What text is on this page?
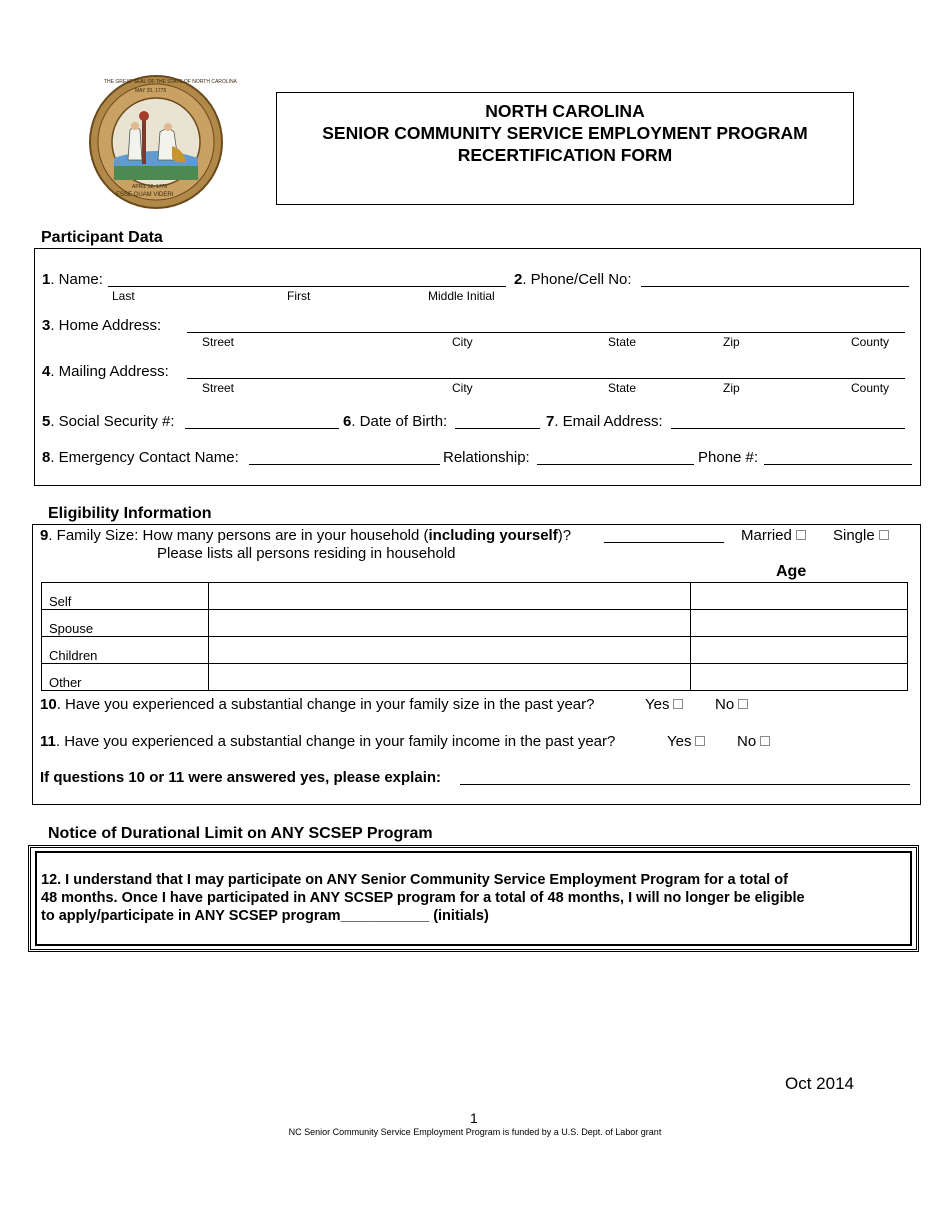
ESSE QUAM VIDERI
THE GREAT SEAL OF THE STATE OF NORTH CAROLINA
MAY 20, 1775
APRIL 12, 1776
NORTH CAROLINA
SENIOR COMMUNITY SERVICE EMPLOYMENT PROGRAM
RECERTIFICATION FORM
Participant Data
1. Name:
Last	First	Middle Initial
2. Phone/Cell No:
3. Home Address:
Street	City	State	Zip	County
4. Mailing Address:
Street	City	State	Zip	County
5. Social Security #:	6. Date of Birth:	7. Email Address:
8. Emergency Contact Name:	Relationship:	Phone #:
Eligibility Information
9. Family Size: How many persons are in your household (including yourself)?	Married	Single
Please lists all persons residing in household
Age
Self		
Spouse		
Children		
Other		
10. Have you experienced a substantial change in your family size in the past year?	Yes	No
11. Have you experienced a substantial change in your family income in the past year?	Yes	No
If questions 10 or 11 were answered yes, please explain:
Notice of Durational Limit on ANY SCSEP Program
12. I understand that I may participate on ANY Senior Community Service Employment Program for a total of
48 months. Once I have participated in ANY SCSEP program for a total of 48 months, I will no longer be eligible
to apply/participate in ANY SCSEP program___________ (initials)
Oct 2014
1
NC Senior Community Service Employment Program is funded by a U.S. Dept. of Labor grant
